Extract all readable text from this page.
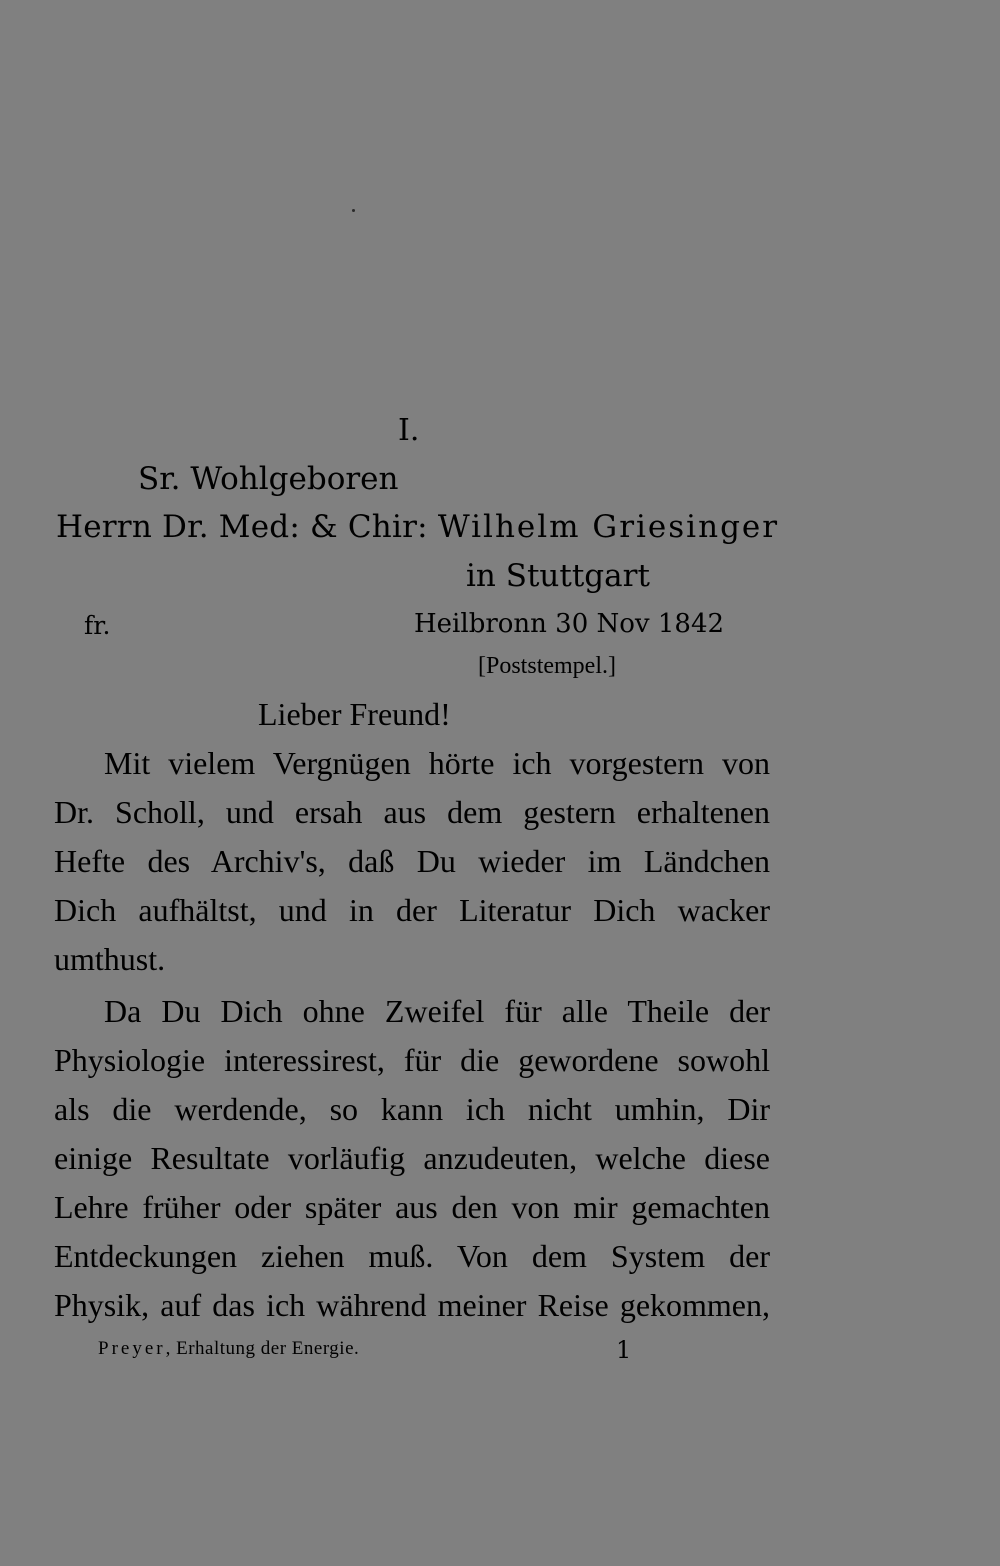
I.
Sr. Wohlgeboren
Herrn Dr. Med: & Chir: Wilhelm Griesinger
in Stuttgart
fr.	Heilbronn 30 Nov 1842
[Poststempel.]
Lieber Freund!
Mit vielem Vergnügen hörte ich vorgestern von
Dr. Scholl, und ersah aus dem gestern erhaltenen
Hefte des Archiv's, daß Du wieder im Ländchen
Dich aufhältst, und in der Literatur Dich wacker
umthust.
Da Du Dich ohne Zweifel für alle Theile der
Physiologie interessirest, für die gewordene sowohl
als die werdende, so kann ich nicht umhin, Dir
einige Resultate vorläufig anzudeuten, welche diese
Lehre früher oder später aus den von mir gemachten
Entdeckungen ziehen muß. Von dem System der
Physik, auf das ich während meiner Reise gekommen,
Preyer, Erhaltung der Energie.	1
